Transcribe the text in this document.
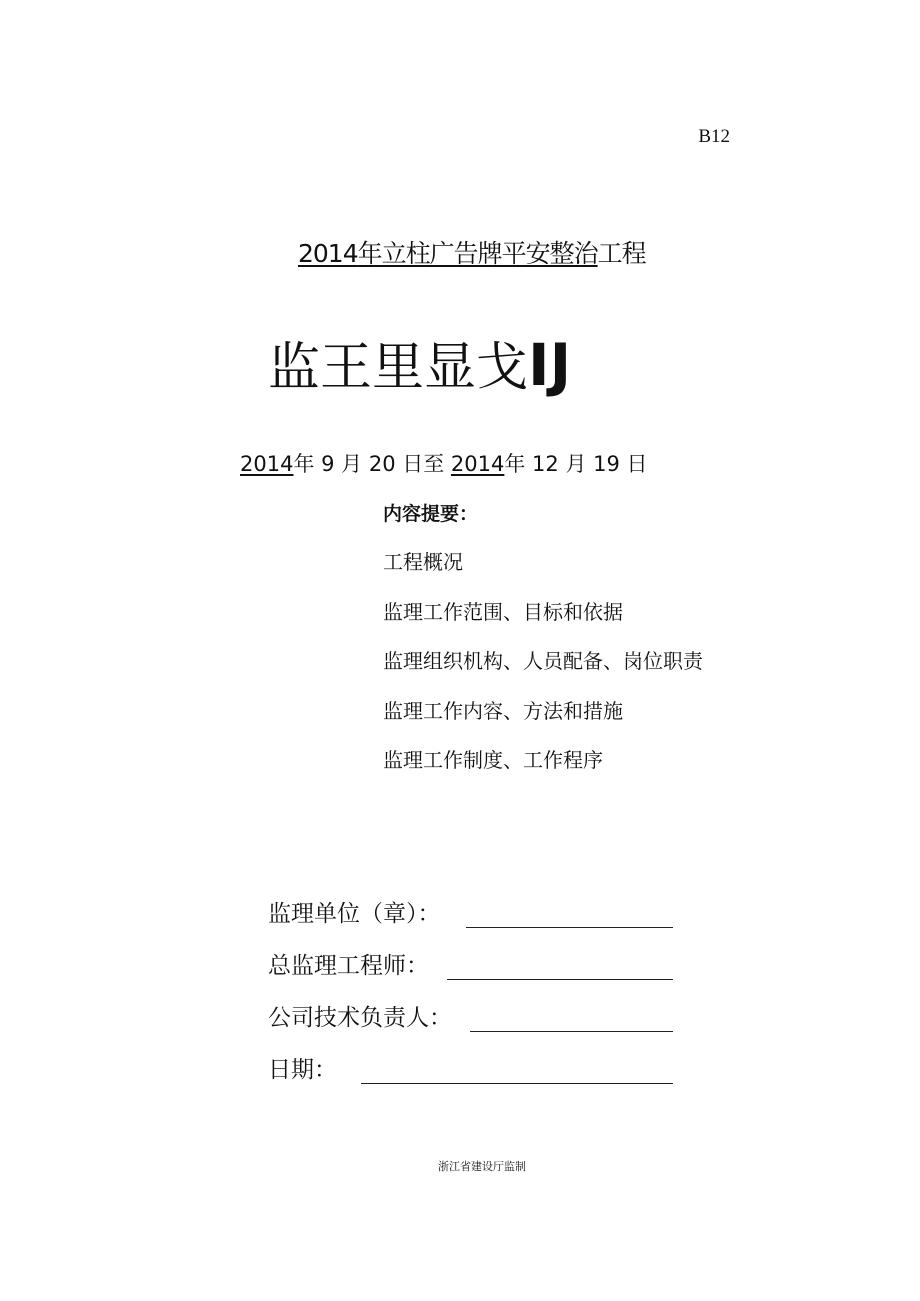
B12
2014年立柱广告牌平安整治工程
监王里显戈IJ
2014年 9 月 20 日至 2014年 12 月 19 日
内容提要：
工程概况
监理工作范围、目标和依据
监理组织机构、人员配备、岗位职责
监理工作内容、方法和措施
监理工作制度、工作程序
监理单位（章）：
总监理工程师：
公司技术负责人：
日期：
浙江省建设厅监制
